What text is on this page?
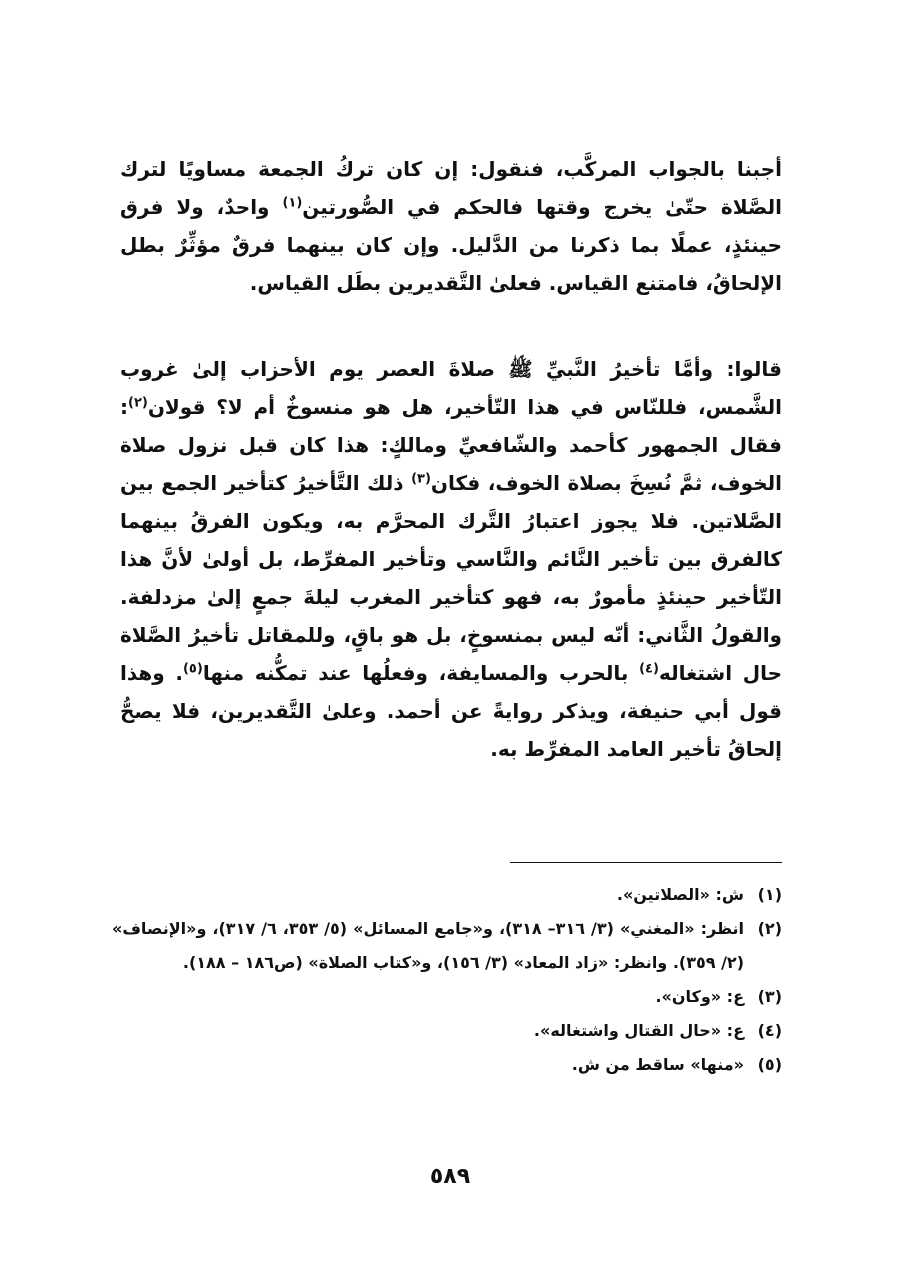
أجبنا بالجواب المركَّب، فنقول: إن كان تركُ الجمعة مساويًا لترك الصَّلاة حتّىٰ يخرج وقتها فالحكم في الصُّورتين$^{(١)}$ واحدٌ، ولا فرق حينئذٍ، عملًا بما ذكرنا من الدَّليل. وإن كان بينهما فرقٌ مؤثِّرٌ بطل الإلحاقُ، فامتنع القياس. فعلىٰ التَّقديرين بطَل القياس.

قالوا: وأمَّا تأخيرُ النَّبيِّ ﷺ صلاةَ العصر يوم الأحزاب إلىٰ غروب الشَّمس، فللنّاس في هذا التّأخير، هل هو منسوخٌ أم لا؟ قولان$^{(٢)}$: فقال الجمهور كأحمد والشّافعيِّ ومالكٍ: هذا كان قبل نزول صلاة الخوف، ثمَّ نُسِخَ بصلاة الخوف، فكان$^{(٣)}$ ذلك التَّأخيرُ كتأخير الجمع بين الصَّلاتين. فلا يجوز اعتبارُ التَّرك المحرَّم به، ويكون الفرقُ بينهما كالفرق بين تأخير النَّائم والنَّاسي وتأخير المفرِّط، بل أولىٰ لأنَّ هذا التّأخير حينئذٍ مأمورٌ به، فهو كتأخير المغرب ليلةَ جمعٍ إلىٰ مزدلفة. والقولُ الثَّاني: أنّه ليس بمنسوخٍ، بل هو باقٍ، وللمقاتل تأخيرُ الصَّلاة حال اشتغاله$^{(٤)}$ بالحرب والمسايفة، وفعلُها عند تمكُّنه منها$^{(٥)}$. وهذا قول أبي حنيفة، ويذكر روايةً عن أحمد. وعلىٰ التَّقديرين، فلا يصحُّ إلحاقُ تأخير العامد المفرِّط به.

(١)
ش: «الصلاتين».
(٢)
انظر: «المغني» (٣/ ٣١٦– ٣١٨)، و«جامع المسائل» (٥/ ٣٥٣، ٦/ ٣١٧)، و«الإنصاف» (٢/ ٣٥٩). وانظر: «زاد المعاد» (٣/ ١٥٦)، و«كتاب الصلاة» (ص١٨٦ – ١٨٨).
(٣)
ع: «وكان».
(٤)
ع: «حال القتال واشتغاله».
(٥)
«منها» ساقط من ش.
٥٨٩
